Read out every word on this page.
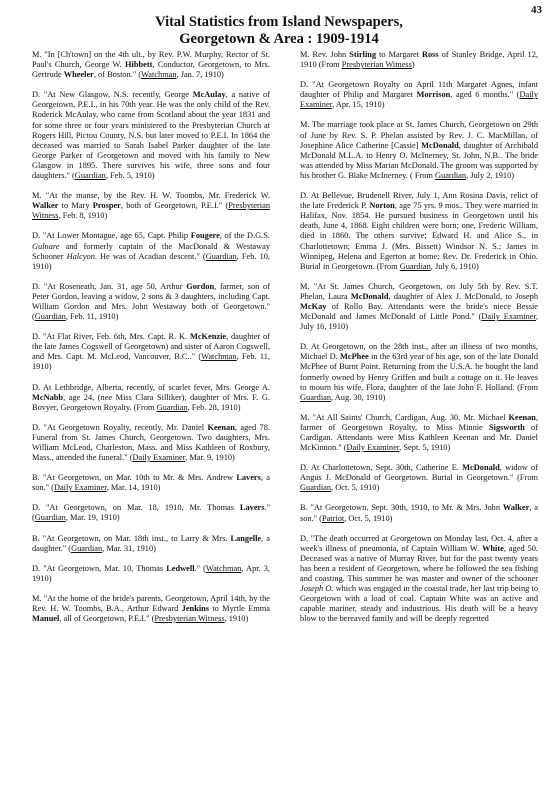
43
Vital Statistics from Island Newspapers,
Georgetown & Area : 1909-1914

M. "In [Ch'town] on the 4th ult., by Rev. P.W. Murphy, Rector of St. Paul's Church, George W. Hibbett, Conductor, Georgetown, to Mrs. Gertrude Wheeler, of Boston." (Watchman, Jan. 7, 1910)

D. "At New Glasgow, N.S. recently, George McAulay, a native of Georgetown, P.E.I., in his 70th year. He was the only child of the Rev. Roderick McAulay, who came from Scotland about the year 1831 and for some three or four years ministered to the Presbyterian Church at Rogers Hill, Pictou County, N.S. but later moved to P.E.I. In 1864 the deceased was married to Sarah Isabel Parker daughter of the late George Parker of Georgetown and moved with his family to New Glasgow in 1895. There survives his wife, three sons and four daughters." (Guardian, Feb. 5, 1910)

M. "At the manse, by the Rev. H. W. Toombs, Mr. Frederick W. Walker to Mary Prosper, both of Georgetown, P.E.I." (Presbyterian Witness, Feb. 8, 1910)

D. "At Lower Montague, age 65, Capt. Philip Fougere, of the D.G.S. Gulnare and formerly captain of the MacDonald & Westaway Schooner Halcyon. He was of Acadian descent." (Guardian, Feb. 10, 1910)

D. "At Roseneath, Jan. 31, age 50, Arthur Gordon, farmer, son of Peter Gordon, leaving a widow, 2 sons & 3 daughters, including Capt. William Gordon and Mrs. John Westaway both of Georgetown." (Guardian, Feb. 11, 1910)

D. "At Flat River, Feb. 6th, Mrs. Capt. R. K. McKenzie, daughter of the late James Cogswell of Georgetown) and sister of Aaron Cogswell, and Mrs. Capt. M. McLeod, Vancouver, B.C.." (Watchman, Feb. 11, 1910)

D. At Lethbridge, Alberta, recently, of scarlet fever, Mrs. George A. McNabb, age 24, (nee Miss Clara Silliker), daughter of Mrs. F. G. Bovyer, Georgetown Royalty. (From Guardian, Feb. 28, 1910)

D. "At Georgetown Royalty, recently, Mr. Daniel Keenan, aged 78. Funeral from St. James Church, Georgetown. Two daughters, Mrs. William McLeod, Charleston, Mass. and Miss Kathleen of Roxbury, Mass., attended the funeral." (Daily Examiner, Mar. 9, 1910)

B. "At Georgetown, on Mar. 10th to Mr. & Mrs. Andrew Lavers, a son." (Daily Examiner, Mar. 14, 1910)

D. "At Georgetown, on Mar. 18, 1910, Mr. Thomas Lavers." (Guardian, Mar. 19, 1910)

B. "At Georgetown, on Mar. 18th inst., to Larry & Mrs. Langelle, a daughter." (Guardian, Mar. 31, 1910)

D. "At Georgetown, Mar. 10, Thomas Ledwell." (Watchman, Apr. 3, 1910)

M. "At the home of the bride's parents, Georgetown, April 14th, by the Rev. H. W. Toombs, B.A., Arthur Edward Jenkins to Myrtle Emma Manuel, all of Georgetown, P.E.I." (Presbyterian Witness, 1910)

M. Rev. John Stirling to Margaret Ross of Stanley Bridge, April 12, 1910 (From Presbyterian Witness)

D. "At Georgetown Royalty on April 11th Margaret Agnes, infant daughter of Philip and Margaret Morrison, aged 6 months." (Daily Examiner, Apr. 15, 1910)

M. The marriage took place at St. James Church, Georgetown on 29th of June by Rev. S. P. Phelan assisted by Rev. J. C. MacMillan, of Josephine Alice Catherine [Cassie] McDonald, daughter of Archibald McDonald M.L.A. to Henry O. McInerney, St. John, N.B.. The bride was attended by Miss Marian McDonald. The groom was supported by his brother G. Blake McInerney. ( From Guardian, July 2, 1910)

D. At Bellevue, Brudenell River, July 1, Ann Rosina Davis, relict of the late Frederick P. Norton, age 75 yrs. 9 mos.. They were married in Halifax, Nov. 1854. He pursued business in Georgetown until his death, June 4, 1868. Eight children were born; one, Frederic William, died in 1860. The others survive; Edward H. and Alice S., in Charlottetown; Emma J. (Mrs. Bissett) Windsor N. S.; James in Winnipeg, Helena and Egerton at home; Rev. Dr. Frederick in Ohio. Burial in Georgetown. (From Guardian, July 6, 1910)

M. "At St. James Church, Georgetown, on July 5th by Rev. S.T. Phelan, Laura McDonald, daughter of Alex J. McDonald, to Joseph McKay of Rollo Bay. Attendants were the bride's niece Bessie McDonald and James McDonald of Little Pond." (Daily Examiner, July 16, 1910)

D. At Georgetown, on the 28th inst., after an illness of two months, Michael D. McPhee in the 63rd year of his age, son of the late Donald McPhee of Burnt Point. Returning from the U.S.A. he bought the land formerly owned by Henry Griffen and built a cottage on it. He leaves to mourn his wife, Flora, daughter of the late John F. Holland. (From Guardian, Aug. 30, 1910)

M. "At All Saints' Church, Cardigan, Aug. 30, Mr. Michael Keenan, farmer of Georgetown Royalty, to Miss Minnie Sigsworth of Cardigan. Attendants were Miss Kathleen Keenan and Mr. Daniel McKinnon." (Daily Examiner, Sept. 5, 1910)

D. At Charlottetown, Sept. 30th, Catherine E. McDonald, widow of Angus J. McDonald of Georgetown. Burial in Georgetown." (From Guardian, Oct. 5, 1910)

B. "At Georgetown, Sept. 30th, 1910, to Mr. & Mrs. John Walker, a son." (Patriot, Oct. 5, 1910)

D. "The death occurred at Georgetown on Monday last, Oct. 4, after a week's illness of pneumonia, of Captain William W. White, aged 50. Deceased was a native of Murray River, but for the past twenty years has been a resident of Georgetown, where he followed the sea fishing and coasting. This summer he was master and owner of the schooner Joseph O. which was engaged in the coastal trade, her last trip being to Georgetown with a load of coal. Captain White was an active and capable mariner, steady and industrious. His death will be a heavy blow to the bereaved family and will be deeply regretted
